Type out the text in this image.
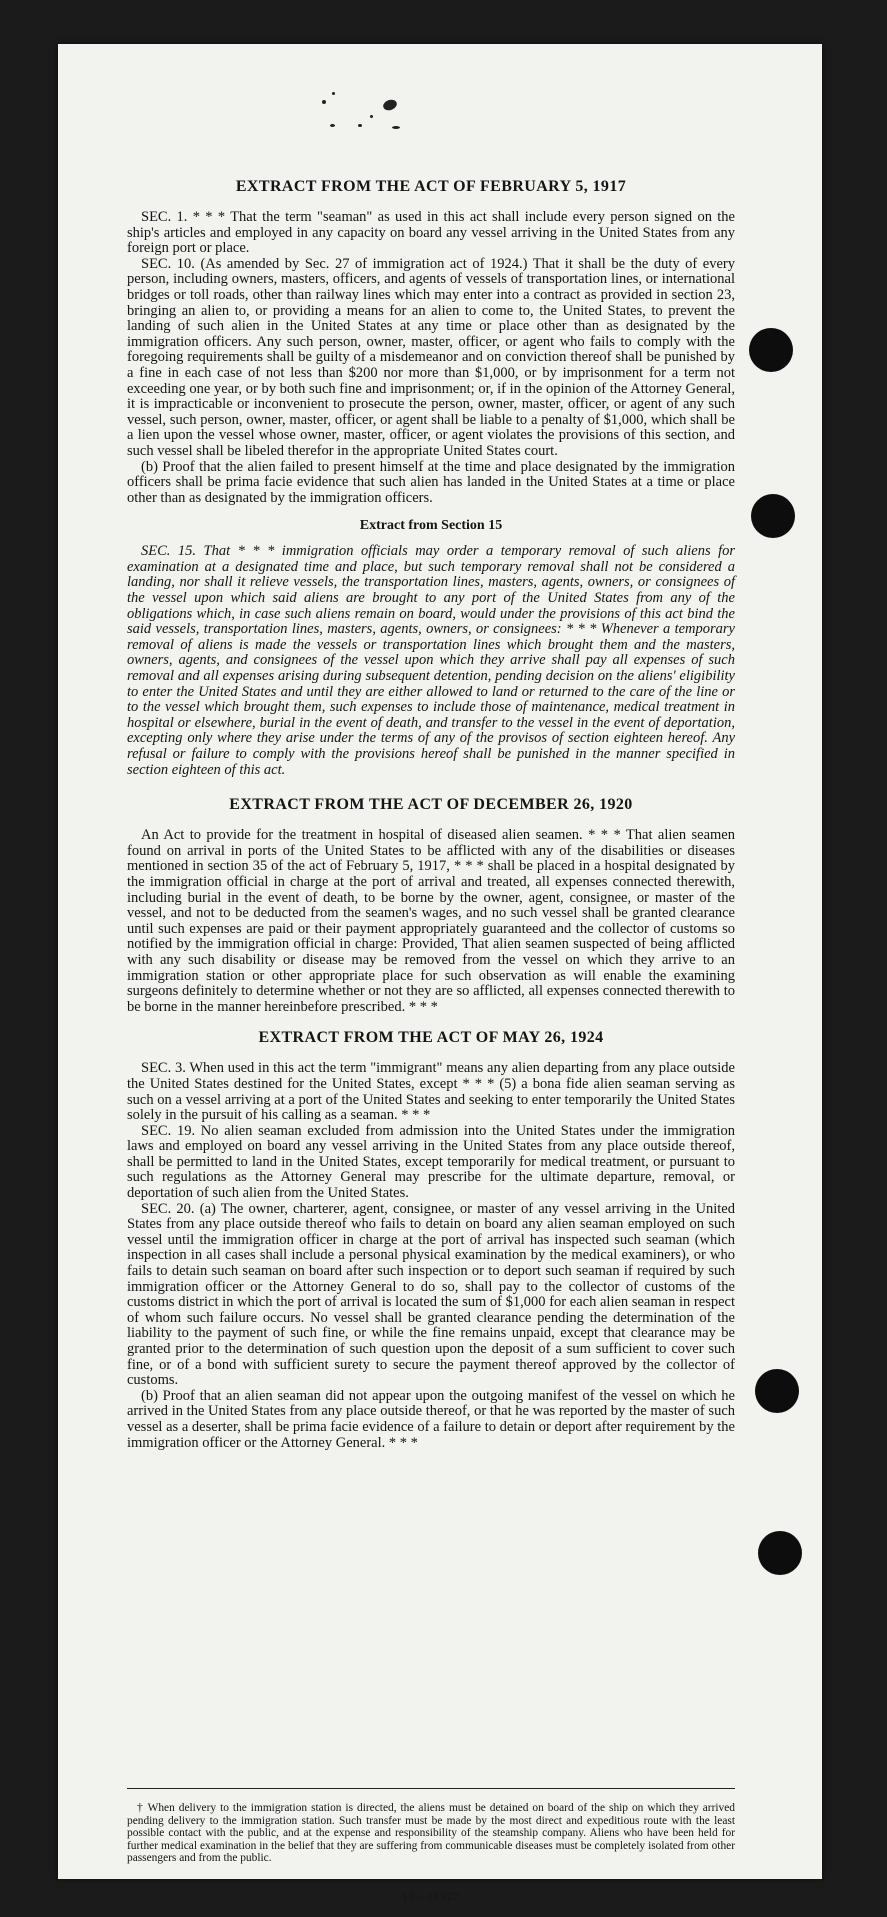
EXTRACT FROM THE ACT OF FEBRUARY 5, 1917

SEC. 1. * * * That the term "seaman" as used in this act shall include every person signed on the ship's articles and employed in any capacity on board any vessel arriving in the United States from any foreign port or place.

SEC. 10. (As amended by Sec. 27 of immigration act of 1924.) That it shall be the duty of every person, including owners, masters, officers, and agents of vessels of transportation lines, or international bridges or toll roads, other than railway lines which may enter into a contract as provided in section 23, bringing an alien to, or providing a means for an alien to come to, the United States, to prevent the landing of such alien in the United States at any time or place other than as designated by the immigration officers. Any such person, owner, master, officer, or agent who fails to comply with the foregoing requirements shall be guilty of a misdemeanor and on conviction thereof shall be punished by a fine in each case of not less than $200 nor more than $1,000, or by imprisonment for a term not exceeding one year, or by both such fine and imprisonment; or, if in the opinion of the Attorney General, it is impracticable or inconvenient to prosecute the person, owner, master, officer, or agent of any such vessel, such person, owner, master, officer, or agent shall be liable to a penalty of $1,000, which shall be a lien upon the vessel whose owner, master, officer, or agent violates the provisions of this section, and such vessel shall be libeled therefor in the appropriate United States court.

(b) Proof that the alien failed to present himself at the time and place designated by the immigration officers shall be prima facie evidence that such alien has landed in the United States at a time or place other than as designated by the immigration officers.

Extract from Section 15

SEC. 15. That * * * immigration officials may order a temporary removal of such aliens for examination at a designated time and place, but such temporary removal shall not be considered a landing, nor shall it relieve vessels, the transportation lines, masters, agents, owners, or consignees of the vessel upon which said aliens are brought to any port of the United States from any of the obligations which, in case such aliens remain on board, would under the provisions of this act bind the said vessels, transportation lines, masters, agents, owners, or consignees: * * * Whenever a temporary removal of aliens is made the vessels or transportation lines which brought them and the masters, owners, agents, and consignees of the vessel upon which they arrive shall pay all expenses of such removal and all expenses arising during subsequent detention, pending decision on the aliens' eligibility to enter the United States and until they are either allowed to land or returned to the care of the line or to the vessel which brought them, such expenses to include those of maintenance, medical treatment in hospital or elsewhere, burial in the event of death, and transfer to the vessel in the event of deportation, excepting only where they arise under the terms of any of the provisos of section eighteen hereof. Any refusal or failure to comply with the provisions hereof shall be punished in the manner specified in section eighteen of this act.

EXTRACT FROM THE ACT OF DECEMBER 26, 1920

An Act to provide for the treatment in hospital of diseased alien seamen. * * * That alien seamen found on arrival in ports of the United States to be afflicted with any of the disabilities or diseases mentioned in section 35 of the act of February 5, 1917, * * * shall be placed in a hospital designated by the immigration official in charge at the port of arrival and treated, all expenses connected therewith, including burial in the event of death, to be borne by the owner, agent, consignee, or master of the vessel, and not to be deducted from the seamen's wages, and no such vessel shall be granted clearance until such expenses are paid or their payment appropriately guaranteed and the collector of customs so notified by the immigration official in charge: Provided, That alien seamen suspected of being afflicted with any such disability or disease may be removed from the vessel on which they arrive to an immigration station or other appropriate place for such observation as will enable the examining surgeons definitely to determine whether or not they are so afflicted, all expenses connected therewith to be borne in the manner hereinbefore prescribed. * * *

EXTRACT FROM THE ACT OF MAY 26, 1924

SEC. 3. When used in this act the term "immigrant" means any alien departing from any place outside the United States destined for the United States, except * * * (5) a bona fide alien seaman serving as such on a vessel arriving at a port of the United States and seeking to enter temporarily the United States solely in the pursuit of his calling as a seaman. * * *

SEC. 19. No alien seaman excluded from admission into the United States under the immigration laws and employed on board any vessel arriving in the United States from any place outside thereof, shall be permitted to land in the United States, except temporarily for medical treatment, or pursuant to such regulations as the Attorney General may prescribe for the ultimate departure, removal, or deportation of such alien from the United States.

SEC. 20. (a) The owner, charterer, agent, consignee, or master of any vessel arriving in the United States from any place outside thereof who fails to detain on board any alien seaman employed on such vessel until the immigration officer in charge at the port of arrival has inspected such seaman (which inspection in all cases shall include a personal physical examination by the medical examiners), or who fails to detain such seaman on board after such inspection or to deport such seaman if required by such immigration officer or the Attorney General to do so, shall pay to the collector of customs of the customs district in which the port of arrival is located the sum of $1,000 for each alien seaman in respect of whom such failure occurs. No vessel shall be granted clearance pending the determination of the liability to the payment of such fine, or while the fine remains unpaid, except that clearance may be granted prior to the determination of such question upon the deposit of a sum sufficient to cover such fine, or of a bond with sufficient surety to secure the payment thereof approved by the collector of customs.

(b) Proof that an alien seaman did not appear upon the outgoing manifest of the vessel on which he arrived in the United States from any place outside thereof, or that he was reported by the master of such vessel as a deserter, shall be prima facie evidence of a failure to detain or deport after requirement by the immigration officer or the Attorney General. * * *

† When delivery to the immigration station is directed, the aliens must be detained on board of the ship on which they arrived pending delivery to the immigration station. Such transfer must be made by the most direct and expeditious route with the least possible contact with the public, and at the expense and responsibility of the steamship company. Aliens who have been held for further medical examination in the belief that they are suffering from communicable diseases must be completely isolated from other passengers and from the public.
16—18927
